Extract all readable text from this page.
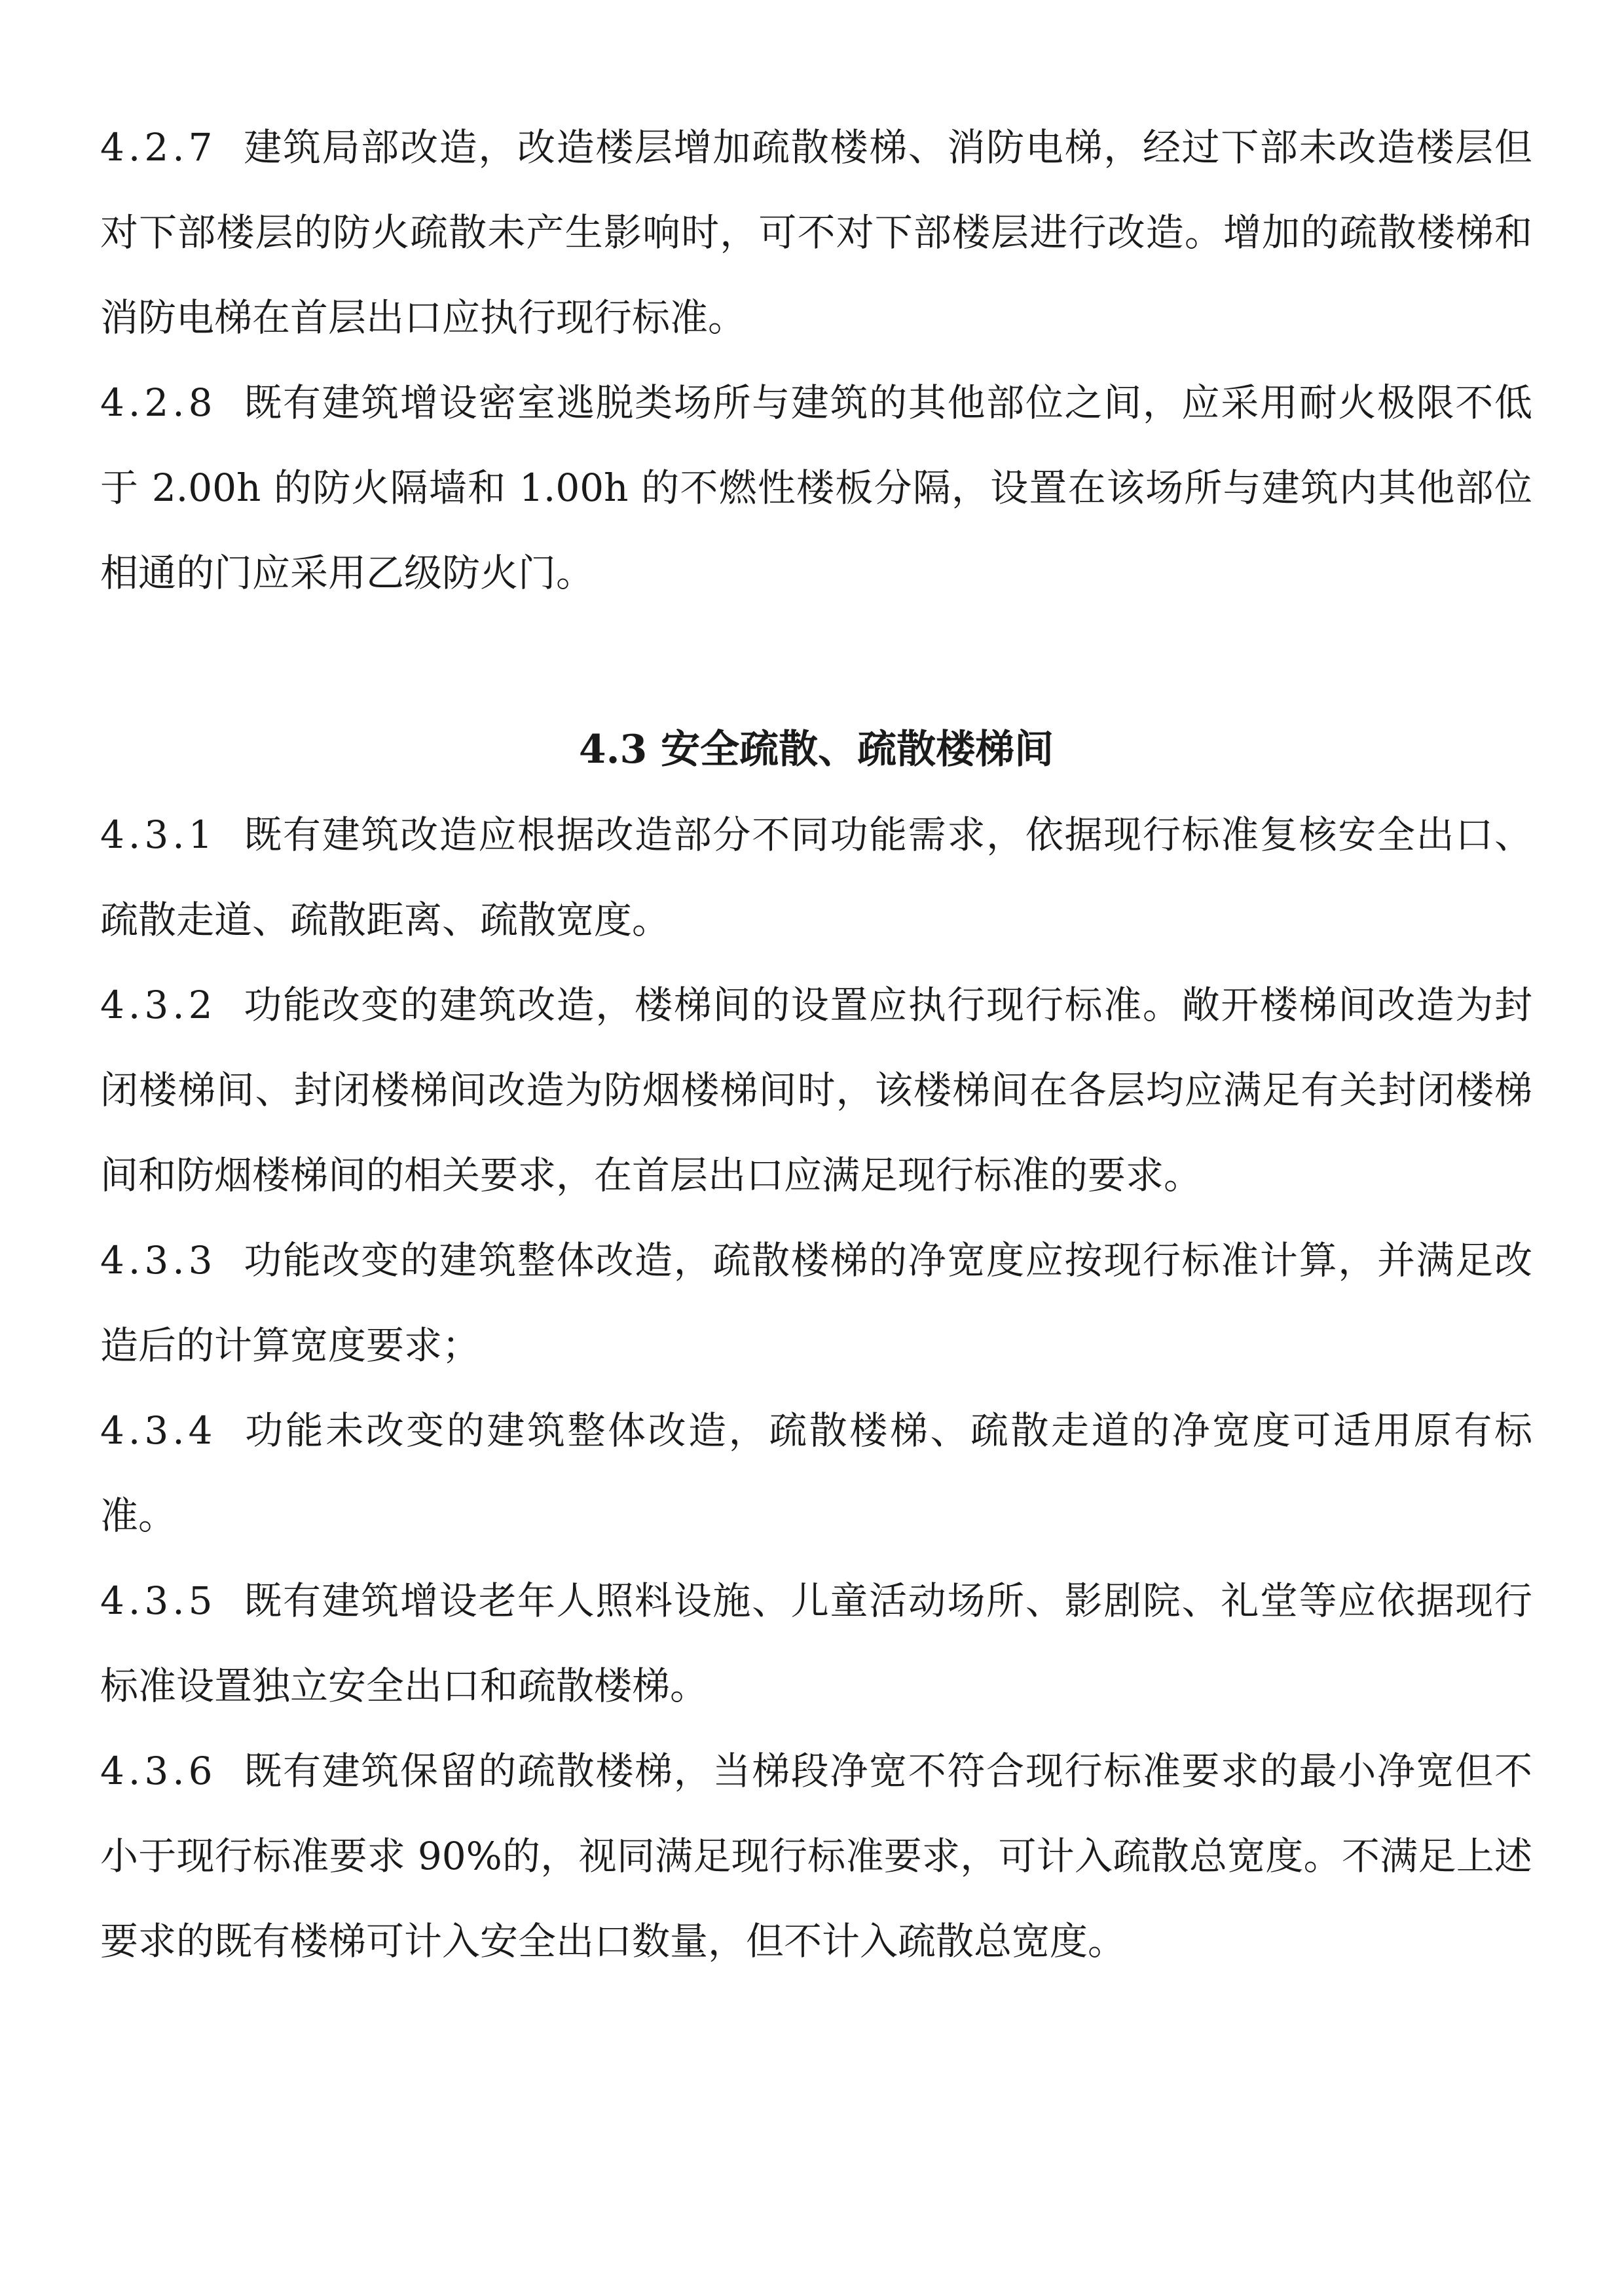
4.2.7 建筑局部改造，改造楼层增加疏散楼梯、消防电梯，经过下部未改造楼层但对下部楼层的防火疏散未产生影响时，可不对下部楼层进行改造。增加的疏散楼梯和消防电梯在首层出口应执行现行标准。

4.2.8 既有建筑增设密室逃脱类场所与建筑的其他部位之间，应采用耐火极限不低于 2.00h 的防火隔墙和 1.00h 的不燃性楼板分隔，设置在该场所与建筑内其他部位相通的门应采用乙级防火门。

4.3 安全疏散、疏散楼梯间

4.3.1 既有建筑改造应根据改造部分不同功能需求，依据现行标准复核安全出口、疏散走道、疏散距离、疏散宽度。

4.3.2 功能改变的建筑改造，楼梯间的设置应执行现行标准。敞开楼梯间改造为封闭楼梯间、封闭楼梯间改造为防烟楼梯间时，该楼梯间在各层均应满足有关封闭楼梯间和防烟楼梯间的相关要求，在首层出口应满足现行标准的要求。

4.3.3 功能改变的建筑整体改造，疏散楼梯的净宽度应按现行标准计算，并满足改造后的计算宽度要求；

4.3.4 功能未改变的建筑整体改造，疏散楼梯、疏散走道的净宽度可适用原有标准。

4.3.5 既有建筑增设老年人照料设施、儿童活动场所、影剧院、礼堂等应依据现行标准设置独立安全出口和疏散楼梯。

4.3.6 既有建筑保留的疏散楼梯，当梯段净宽不符合现行标准要求的最小净宽但不小于现行标准要求 90%的，视同满足现行标准要求，可计入疏散总宽度。不满足上述要求的既有楼梯可计入安全出口数量，但不计入疏散总宽度。
